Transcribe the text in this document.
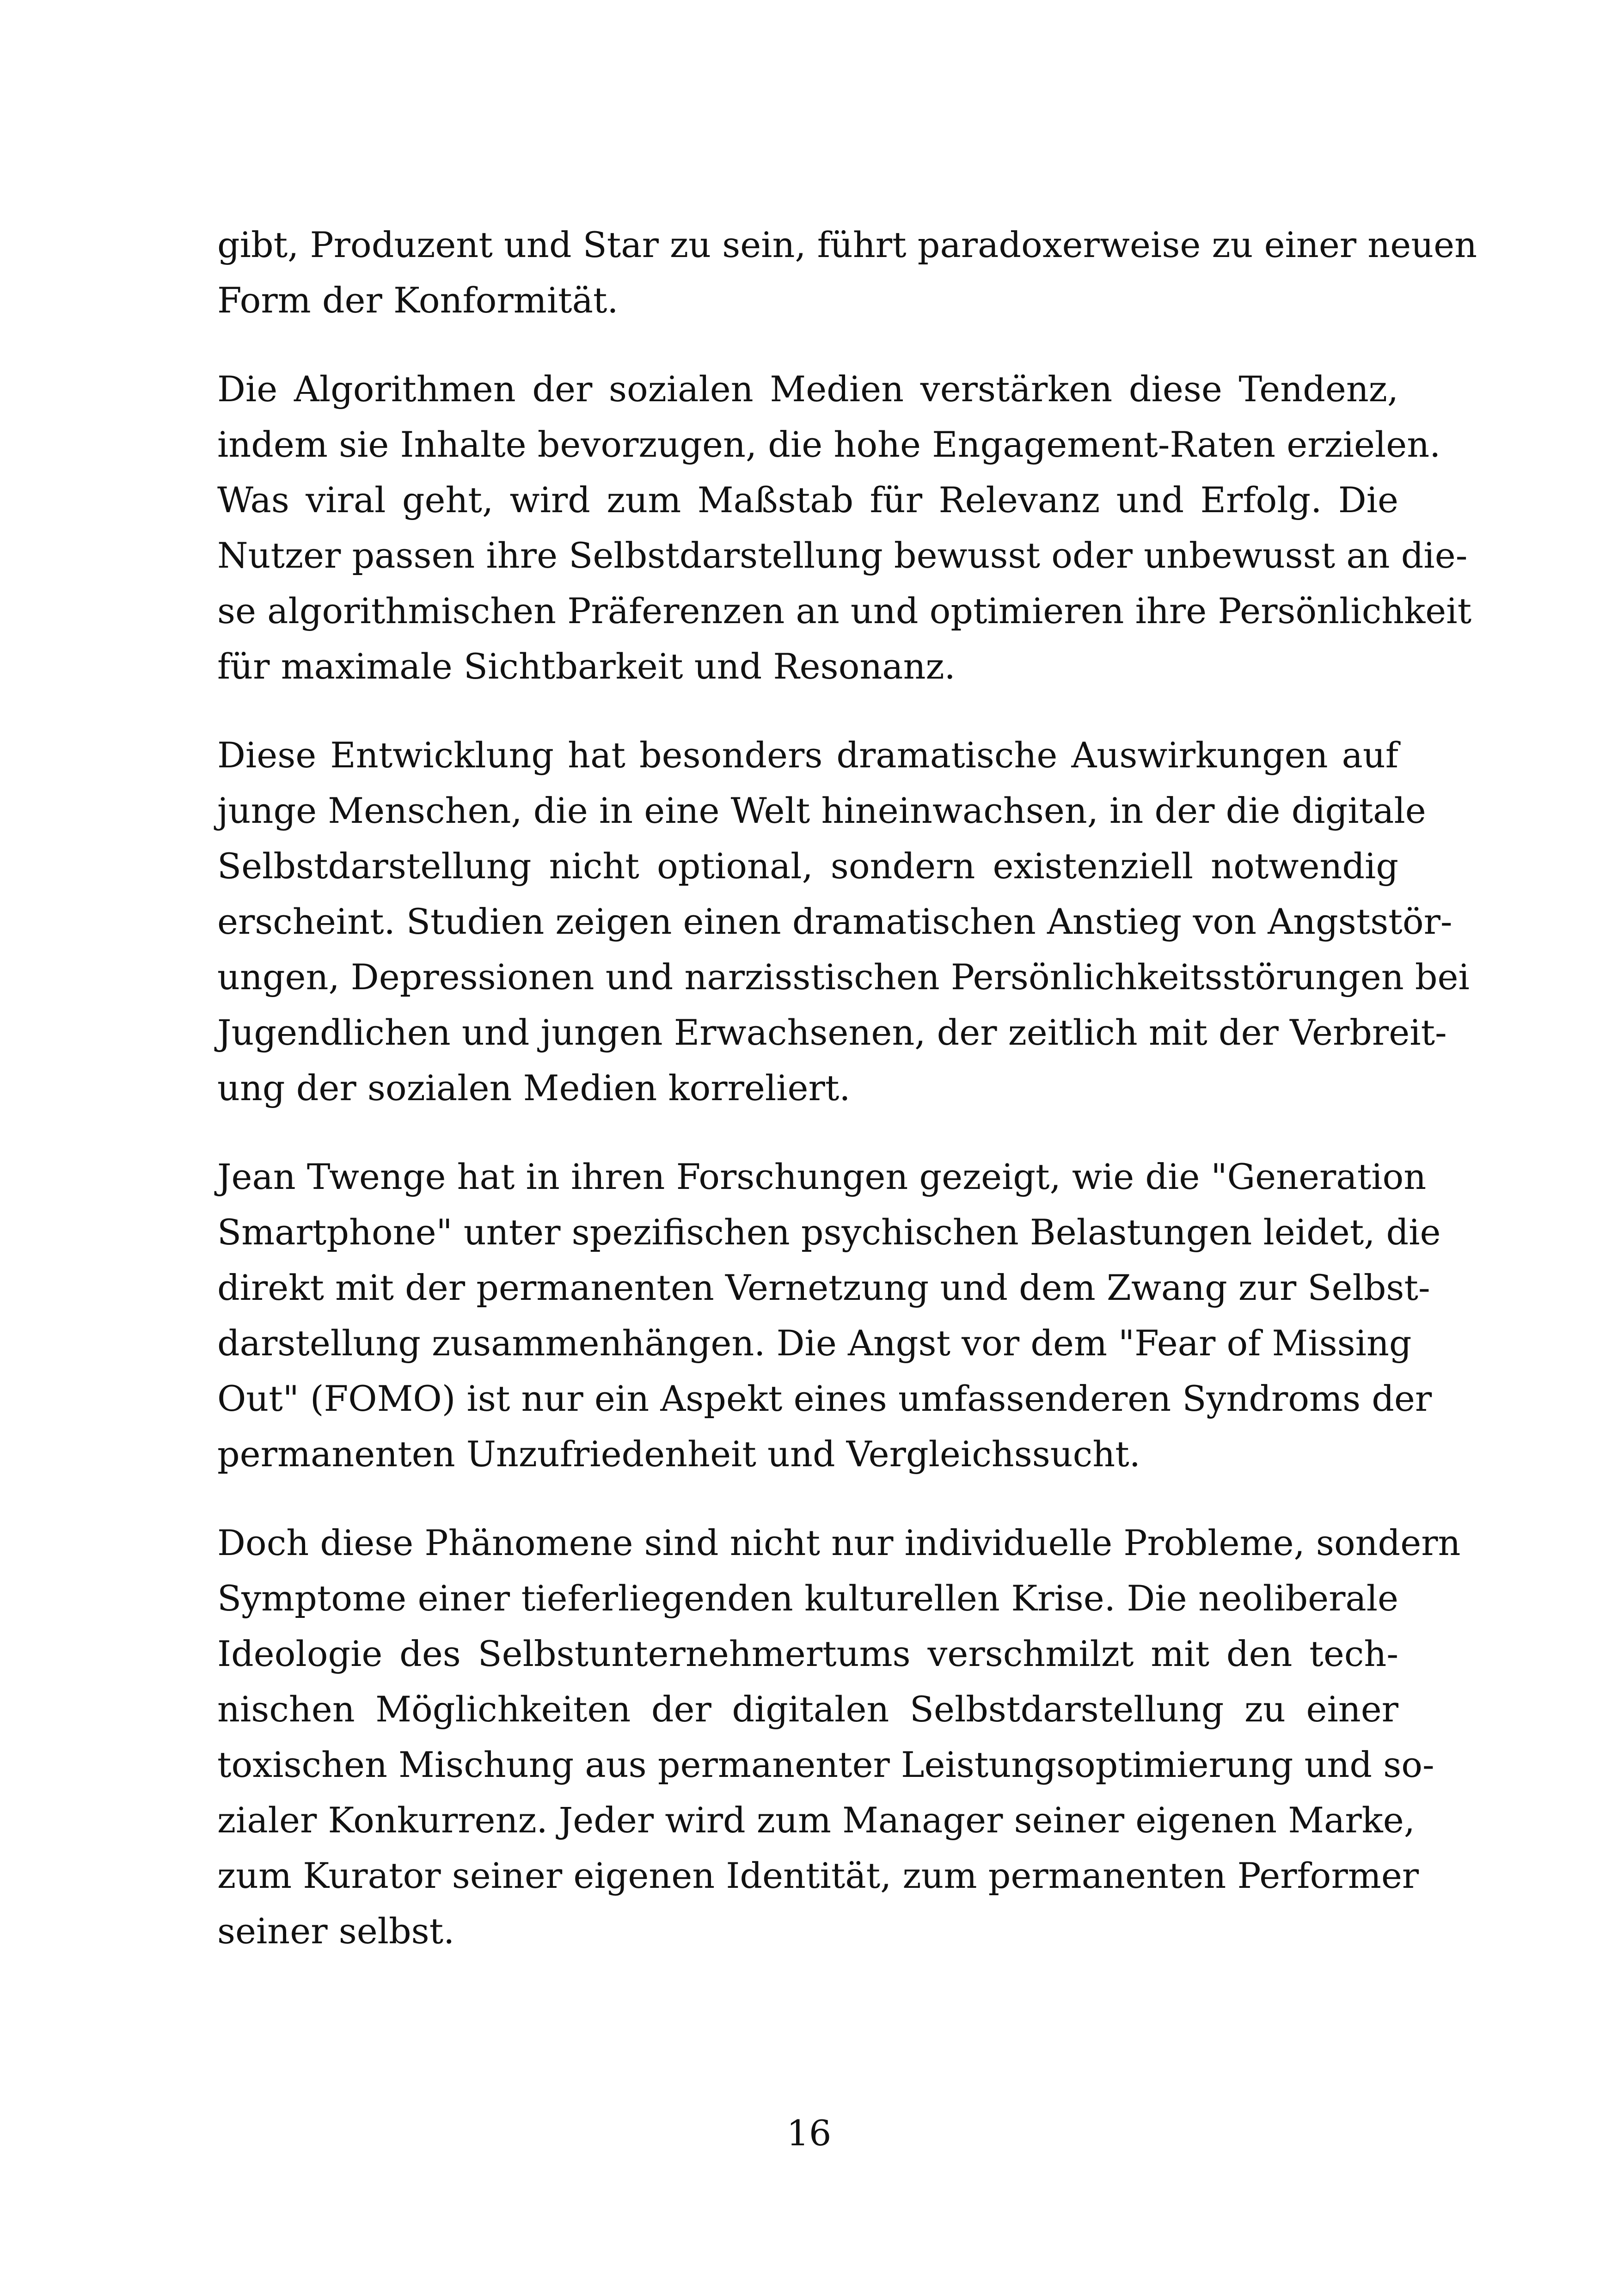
gibt, Produzent und Star zu sein, führt paradoxerweise zu einer neuen
Form der Konformität.
Die Algorithmen der sozialen Medien verstärken diese Tendenz,
indem sie Inhalte bevorzugen, die hohe Engagement-Raten erzielen.
Was viral geht, wird zum Maßstab für Relevanz und Erfolg. Die
Nutzer passen ihre Selbstdarstellung bewusst oder unbewusst an die-
se algorithmischen Präferenzen an und optimieren ihre Persönlichkeit
für maximale Sichtbarkeit und Resonanz.
Diese Entwicklung hat besonders dramatische Auswirkungen auf
junge Menschen, die in eine Welt hineinwachsen, in der die digitale
Selbstdarstellung nicht optional, sondern existenziell notwendig
erscheint. Studien zeigen einen dramatischen Anstieg von Angststör-
ungen, Depressionen und narzisstischen Persönlichkeitsstörungen bei
Jugendlichen und jungen Erwachsenen, der zeitlich mit der Verbreit-
ung der sozialen Medien korreliert.
Jean Twenge hat in ihren Forschungen gezeigt, wie die "Generation
Smartphone" unter spezifischen psychischen Belastungen leidet, die
direkt mit der permanenten Vernetzung und dem Zwang zur Selbst-
darstellung zusammenhängen. Die Angst vor dem "Fear of Missing
Out" (FOMO) ist nur ein Aspekt eines umfassenderen Syndroms der
permanenten Unzufriedenheit und Vergleichssucht.
Doch diese Phänomene sind nicht nur individuelle Probleme, sondern
Symptome einer tieferliegenden kulturellen Krise. Die neoliberale
Ideologie des Selbstunternehmertums verschmilzt mit den tech-
nischen Möglichkeiten der digitalen Selbstdarstellung zu einer
toxischen Mischung aus permanenter Leistungsoptimierung und so-
zialer Konkurrenz. Jeder wird zum Manager seiner eigenen Marke,
zum Kurator seiner eigenen Identität, zum permanenten Performer
seiner selbst.
16
